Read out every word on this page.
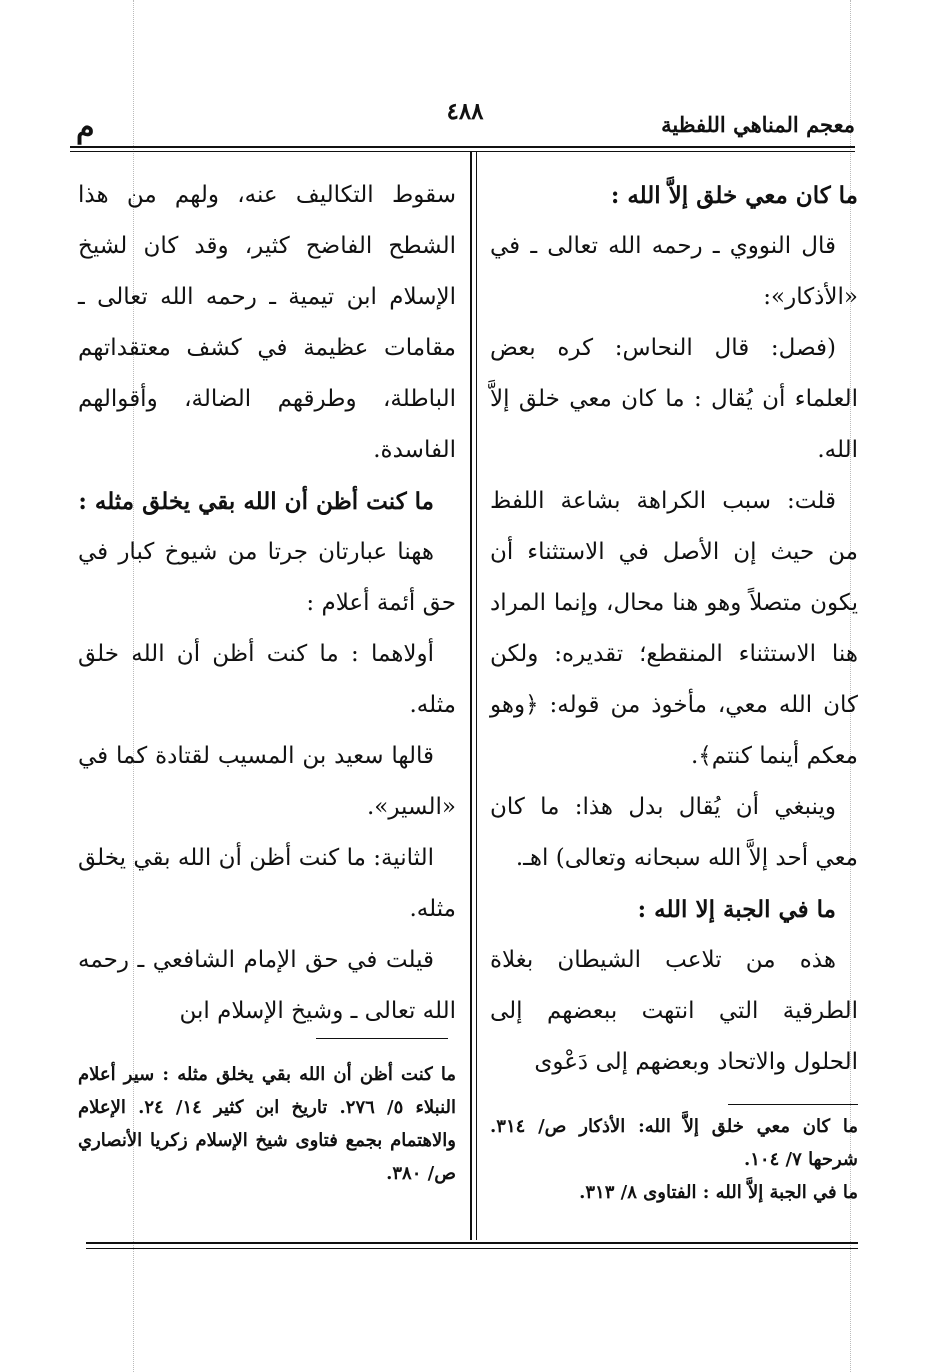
معجم المناهي اللفظية
٤٨٨
م

ما كان معي خلق إلاَّ الله :

قال النووي ـ رحمه الله تعالى ـ في «الأذكار»:

(فصل: قال النحاس: كره بعض العلماء أن يُقال : ما كان معي خلق إلاَّ الله.

قلت: سبب الكراهة بشاعة اللفظ من حيث إن الأصل في الاستثناء أن يكون متصلاً وهو هنا محال، وإنما المراد هنا الاستثناء المنقطع؛ تقديره: ولكن كان الله معي، مأخوذ من قوله: ﴿وهو معكم أينما كنتم﴾.

وينبغي أن يُقال بدل هذا: ما كان معي أحد إلاَّ الله سبحانه وتعالى) اهـ.

ما في الجبة إلا الله :

هذه من تلاعب الشيطان بغلاة الطرقية التي انتهت ببعضهم إلى الحلول والاتحاد وبعضهم إلى دَعْوى

ما كان معي خلق إلاَّ الله: الأذكار ص/ ٣١٤. شرحها ٧/ ١٠٤.

ما في الجبة إلاَّ الله : الفتاوى ٨/ ٣١٣.

سقوط التكاليف عنه، ولهم من هذا الشطح الفاضح كثير، وقد كان لشيخ الإسلام ابن تيمية ـ رحمه الله تعالى ـ مقامات عظيمة في كشف معتقداتهم الباطلة، وطرقهم الضالة، وأقوالهم الفاسدة.

ما كنت أظن أن الله بقي يخلق مثله :

ههنا عبارتان جرتا من شيوخ كبار في حق أئمة أعلام :

أولاهما : ما كنت أظن أن الله خلق مثله.

قالها سعيد بن المسيب لقتادة كما في «السير».

الثانية: ما كنت أظن أن الله بقي يخلق مثله.

قيلت في حق الإمام الشافعي ـ رحمه الله تعالى ـ وشيخ الإسلام ابن

ما كنت أظن أن الله بقي يخلق مثله : سير أعلام النبلاء ٥/ ٢٧٦. تاريخ ابن كثير ١٤/ ٢٤. الإعلام والاهتمام بجمع فتاوى شيخ الإسلام زكريا الأنصاري ص/ ٣٨٠.
